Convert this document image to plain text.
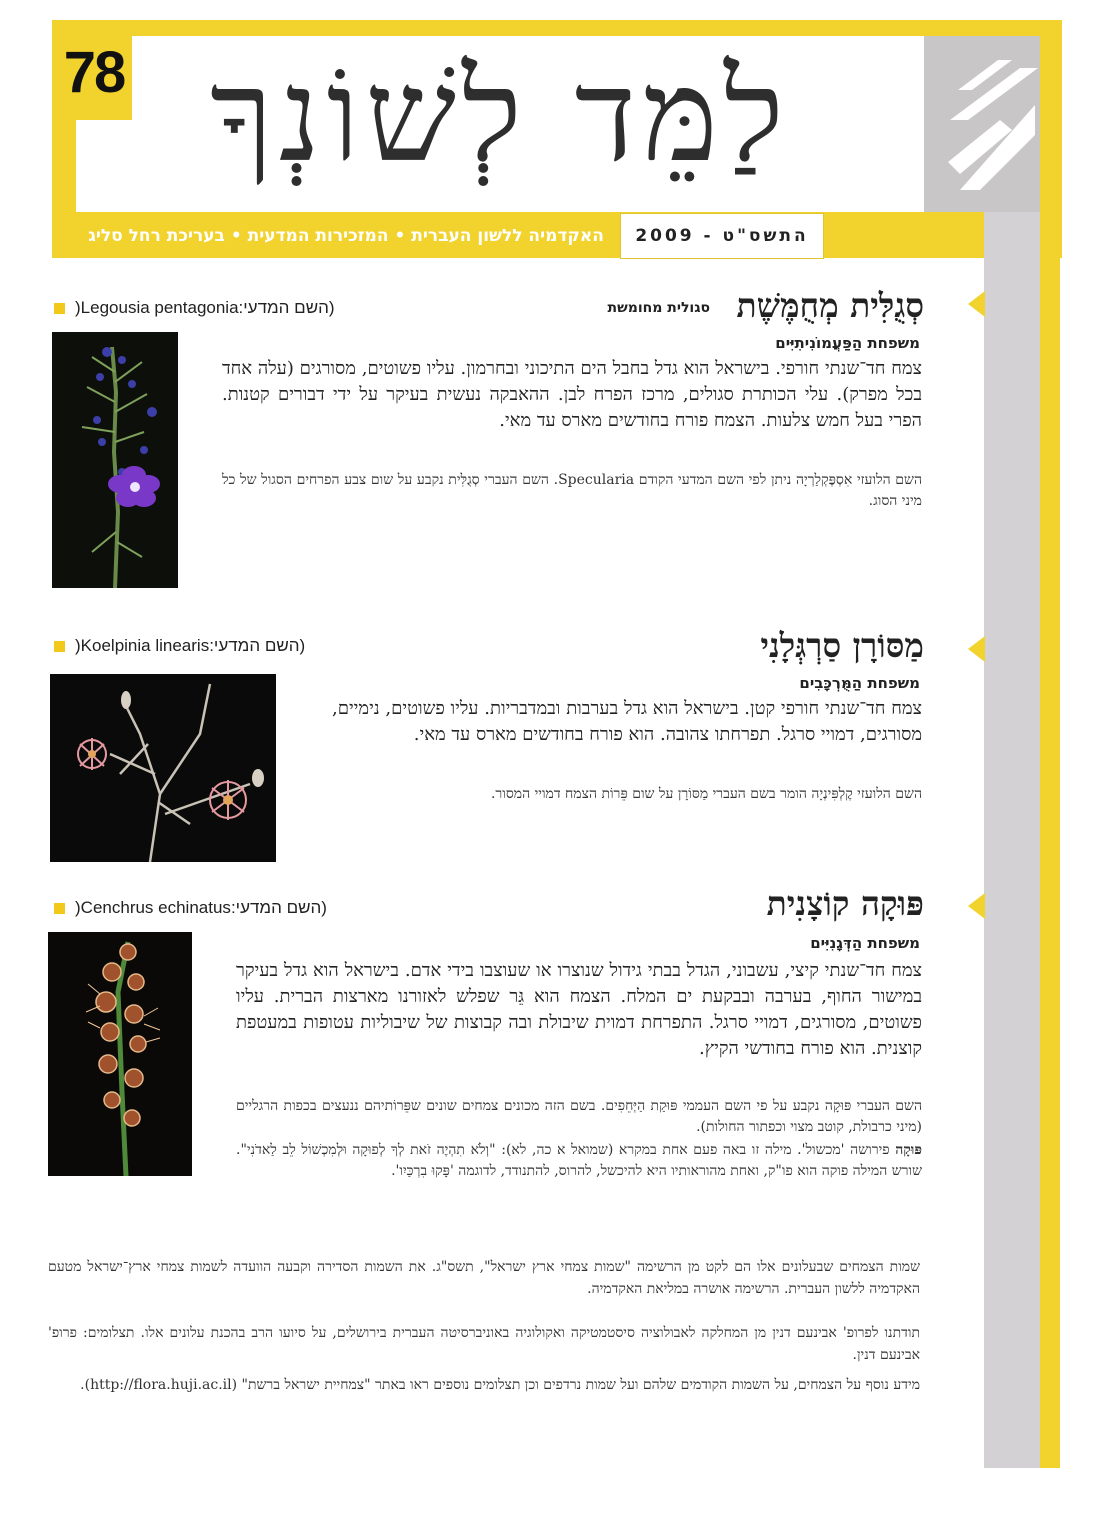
78 לַמֵּד לְשׁוֹנְךָ
האקדמיה ללשון העברית • המזכירות המדעית • בעריכת רחל סליג	התשס"ט - 2009
סְגֻלִּית מְחֻמֶּשֶׁת
סגולית מחומשת
)Legousia pentagonia(השם המדעי:
משפחת הַפַּעֲמוֹנִיתִיִּים
צמח חד־שנתי חורפי. בישראל הוא גדל בחבל הים התיכוני ובחרמון. עליו פשוטים, מסורגים (עלה אחד בכל מפרק). עלי הכותרת סגולים, מרכז הפרח לבן. ההאבקה נעשית בעיקר על ידי דבורים קטנות. הפרי בעל חמש צלעות. הצמח פורח בחודשים מארס עד מאי.
השם הלועזי אִסְפֶּקְלַרְיָה ניתן לפי השם המדעי הקודם Specularia. השם העברי סְגֻלִּית נקבע על שום צבע הפרחים הסגול של כל מיני הסוג.
מַסּוֹרָן סַרְגְּלָנִי
)Koelpinia linearis(השם המדעי:
משפחת הַמֻּרְכָּבִים
צמח חד־שנתי חורפי קטן. בישראל הוא גדל בערבות ובמדבריות. עליו פשוטים, נימיים, מסורגים, דמויי סרגל. תפרחתו צהובה. הוא פורח בחודשים מארס עד מאי.
השם הלועזי קֶלְפִּינְיָה הומר בשם העברי מַסּוֹרָן על שום פֵּרוֹת הצמח דמויי המסור.
פּוּקָה קוֹצָנִית
)Cenchrus echinatus(השם המדעי:
משפחת הַדְּגָנִיִּים
צמח חד־שנתי קיצי, עשבוני, הגדל בבתי גידול שנוצרו או שעוצבו בידי אדם. בישראל הוא גדל בעיקר במישור החוף, בערבה ובבקעת ים המלח. הצמח הוא גֵּר שפלש לאזורנו מארצות הברית. עליו פשוטים, מסורגים, דמויי סרגל. התפרחת דמוית שיבולת ובה קבוצות של שיבוליות עטופות במעטפת קוצנית. הוא פורח בחודשי הקיץ.
השם העברי פּוּקָה נקבע על פי השם העממי פּוּקַת הַיְּחֵפִים. בשם הזה מכונים צמחים שונים שפֵּרוֹתיהם ננעצים בכפות הרגליים (מיני כרבולת, קוטב מצוי וכפתור החולות).
פּוּקָה פירושה 'מכשול'. מילה זו באה פעם אחת במקרא (שמואל א כה, לא): "וְלֹא תִהְיֶה זֹאת לְךָ לְפוּקָה וּלְמִכְשׁוֹל לֵב לַאדֹנִי". שורש המילה פוקה הוא פו"ק, ואחת מהוראותיו היא להיכשל, להרוס, להתנודד, לדוגמה 'פָּקוּ בִרְכַּיִו'.
שמות הצמחים שבעלונים אלו הם לקט מן הרשימה "שמות צמחי ארץ ישראל", תשס"ג. את השמות הסדירה וקבעה הוועדה לשמות צמחי ארץ־ישראל מטעם האקדמיה ללשון העברית. הרשימה אושרה במליאת האקדמיה.
תודתנו לפרופ' אבינעם דנין מן המחלקה לאבולוציה סיסטמטיקה ואקולוגיה באוניברסיטה העברית בירושלים, על סיועו הרב בהכנת עלונים אלו. תצלומים: פרופ' אבינעם דנין.
מידע נוסף על הצמחים, על השמות הקודמים שלהם ועל שמות נרדפים וכן תצלומים נוספים ראו באתר "צמחיית ישראל ברשת" (http://flora.huji.ac.il).
